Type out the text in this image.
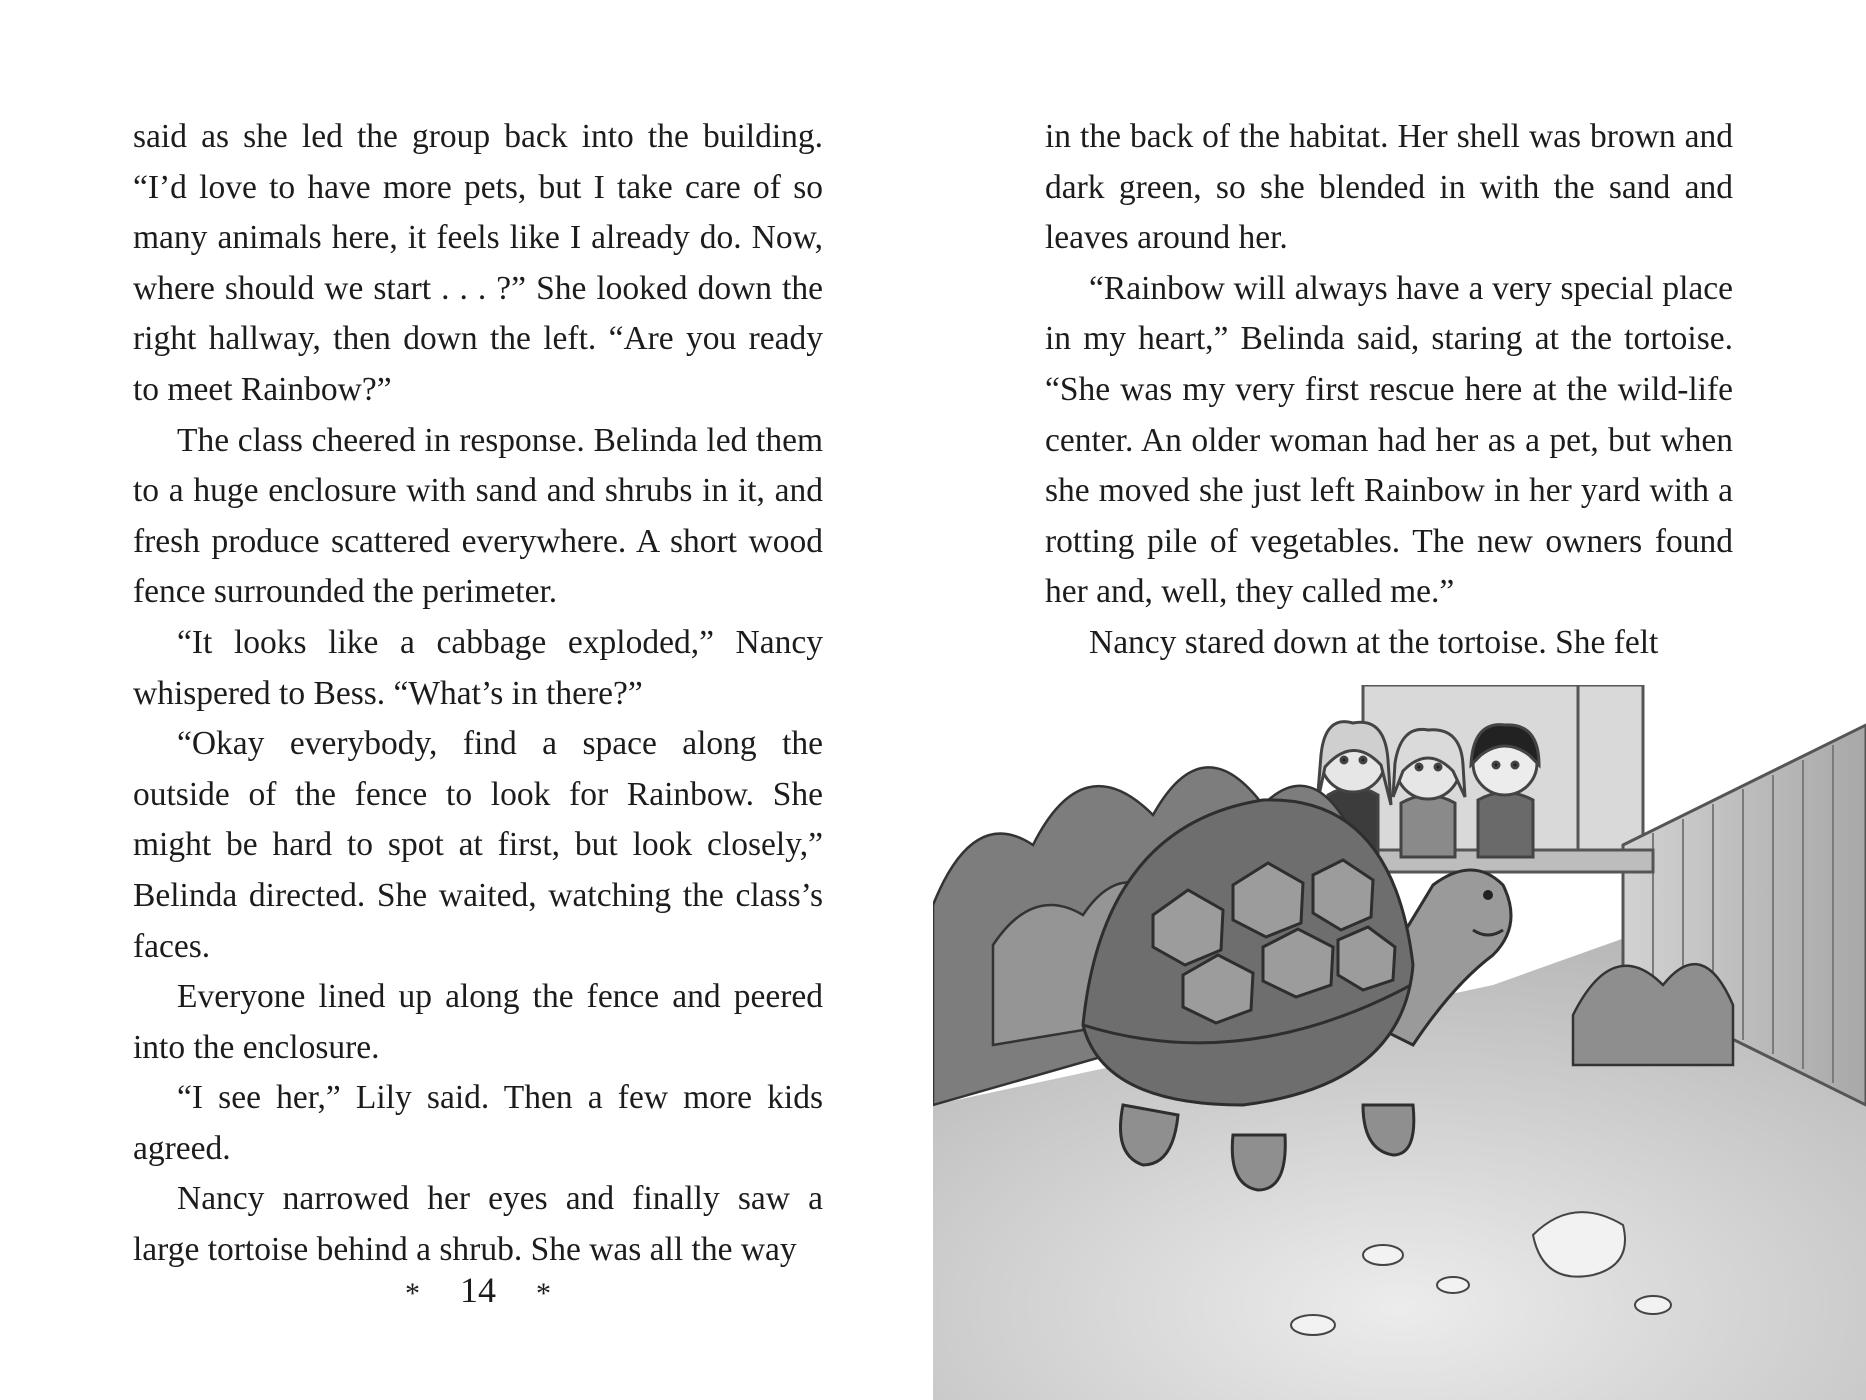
said as she led the group back into the building. “I’d love to have more pets, but I take care of so many animals here, it feels like I already do. Now, where should we start . . . ?” She looked down the right hallway, then down the left. “Are you ready to meet Rainbow?”

The class cheered in response. Belinda led them to a huge enclosure with sand and shrubs in it, and fresh produce scattered everywhere. A short wood fence surrounded the perimeter.

“It looks like a cabbage exploded,” Nancy whispered to Bess. “What’s in there?”

“Okay everybody, find a space along the outside of the fence to look for Rainbow. She might be hard to spot at first, but look closely,” Belinda directed. She waited, watching the class’s faces.

Everyone lined up along the fence and peered into the enclosure.

“I see her,” Lily said. Then a few more kids agreed.

Nancy narrowed her eyes and finally saw a large tortoise behind a shrub. She was all the way

* 14 *

in the back of the habitat. Her shell was brown and dark green, so she blended in with the sand and leaves around her.

“Rainbow will always have a very special place in my heart,” Belinda said, staring at the tortoise. “She was my very first rescue here at the wild-life center. An older woman had her as a pet, but when she moved she just left Rainbow in her yard with a rotting pile of vegetables. The new owners found her and, well, they called me.”

Nancy stared down at the tortoise. She felt
